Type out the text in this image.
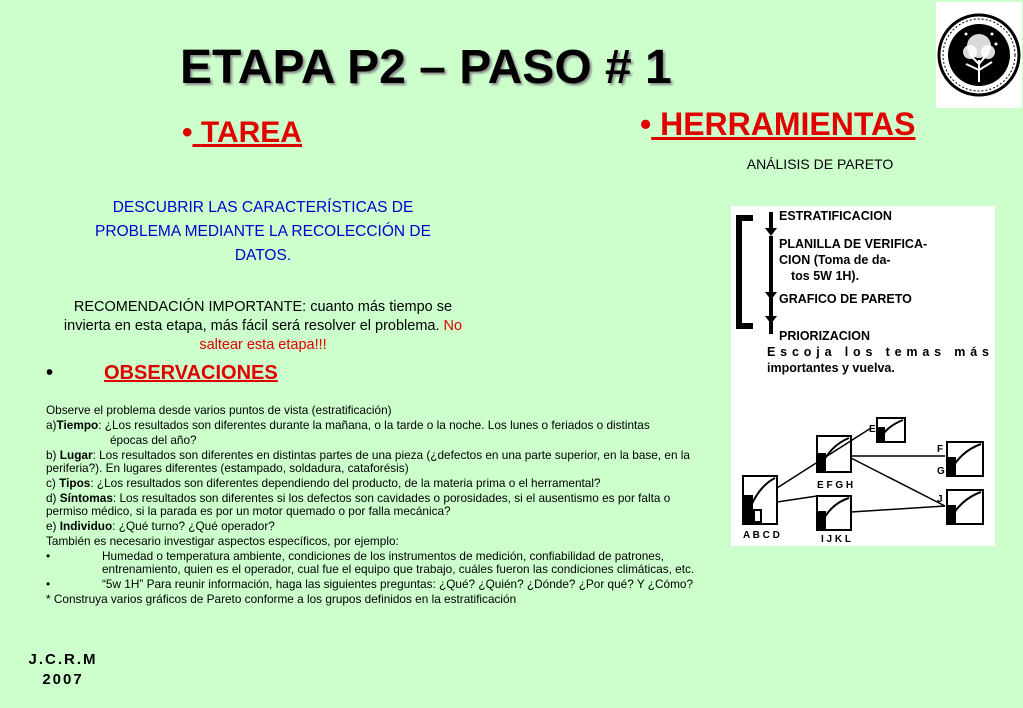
ETAPA P2 – PASO # 1
• TAREA	• HERRAMIENTAS
ANÁLISIS DE PARETO
DESCUBRIR LAS CARACTERÍSTICAS DE PROBLEMA MEDIANTE LA RECOLECCIÓN DE DATOS.
RECOMENDACIÓN IMPORTANTE: cuanto más tiempo se invierta en esta etapa, más fácil será resolver el problema. No saltear esta etapa!!!
•	OBSERVACIONES

Observe el problema desde varios puntos de vista (estratificación)

a)Tiempo: ¿Los resultados son diferentes durante la mañana, o la tarde o la noche. Los lunes o feriados o distintas

épocas del año?

b) Lugar: Los resultados son diferentes en distintas partes de una pieza (¿defectos en una parte superior, en la base, en la periferia?). En lugares diferentes (estampado, soldadura, cataforésis)

c) Tipos: ¿Los resultados son diferentes dependiendo del producto, de la materia prima o el herramental?

d) Síntomas: Los resultados son diferentes si los defectos son cavidades o porosidades, si el ausentismo es por falta o permiso médico, si la parada es por un motor quemado o por falla mecánica?

e) Individuo: ¿Qué turno? ¿Qué operador?

También es necesario investigar aspectos específicos, por ejemplo:

•	Humedad o temperatura ambiente, condiciones de los instrumentos de medición, confiabilidad de patrones, entrenamiento, quien es el operador, cual fue el equipo que trabajo, cuáles fueron las condiciones climáticas, etc.
•	“5w 1H” Para reunir información, haga las siguientes preguntas: ¿Qué? ¿Quién? ¿Dónde? ¿Por qué? Y ¿Cómo?

* Construya varios gráficos de Pareto conforme a los grupos definidos en la estratificación

J.C.R.M
2007
ESTRATIFICACION
PLANILLA DE VERIFICA-
CION (Toma de da-
tos 5W 1H).
GRAFICO DE PARETO
PRIORIZACION
Escoja los temas más
importantes y vuelva.
A B C D
E F G H
I J K L
E
F
G
J
